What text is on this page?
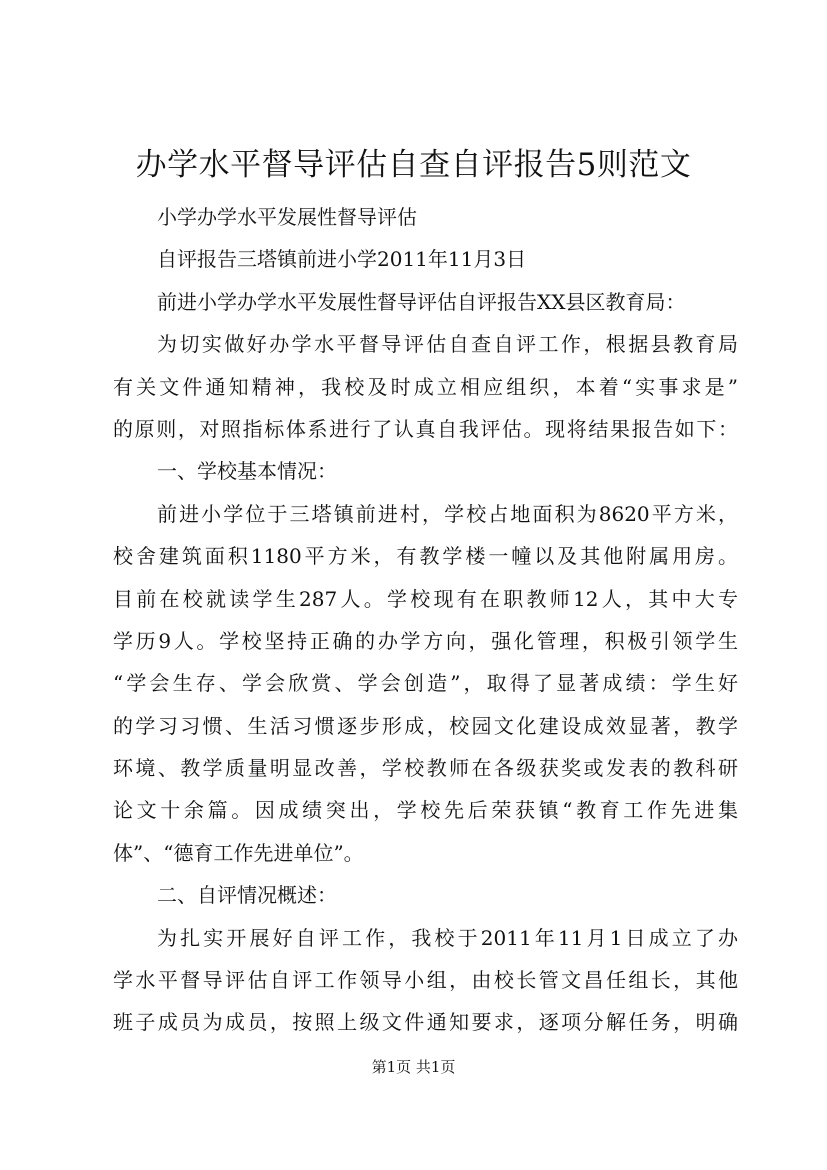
办学水平督导评估自查自评报告5则范文
小学办学水平发展性督导评估
自评报告三塔镇前进小学2011年11月3日
前进小学办学水平发展性督导评估自评报告XX县区教育局：
为切实做好办学水平督导评估自查自评工作，根据县教育局
有关文件通知精神，我校及时成立相应组织，本着“实事求是”
的原则，对照指标体系进行了认真自我评估。现将结果报告如下：
一、学校基本情况：
前进小学位于三塔镇前进村，学校占地面积为8620平方米，
校舍建筑面积1180平方米，有教学楼一幢以及其他附属用房。
目前在校就读学生287人。学校现有在职教师12人，其中大专
学历9人。学校坚持正确的办学方向，强化管理，积极引领学生
“学会生存、学会欣赏、学会创造”，取得了显著成绩：学生好
的学习习惯、生活习惯逐步形成，校园文化建设成效显著，教学
环境、教学质量明显改善，学校教师在各级获奖或发表的教科研
论文十余篇。因成绩突出，学校先后荣获镇“教育工作先进集
体”、“德育工作先进单位”。
二、自评情况概述：
为扎实开展好自评工作，我校于2011年11月1日成立了办
学水平督导评估自评工作领导小组，由校长管文昌任组长，其他
班子成员为成员，按照上级文件通知要求，逐项分解任务，明确
第1页 共1页
